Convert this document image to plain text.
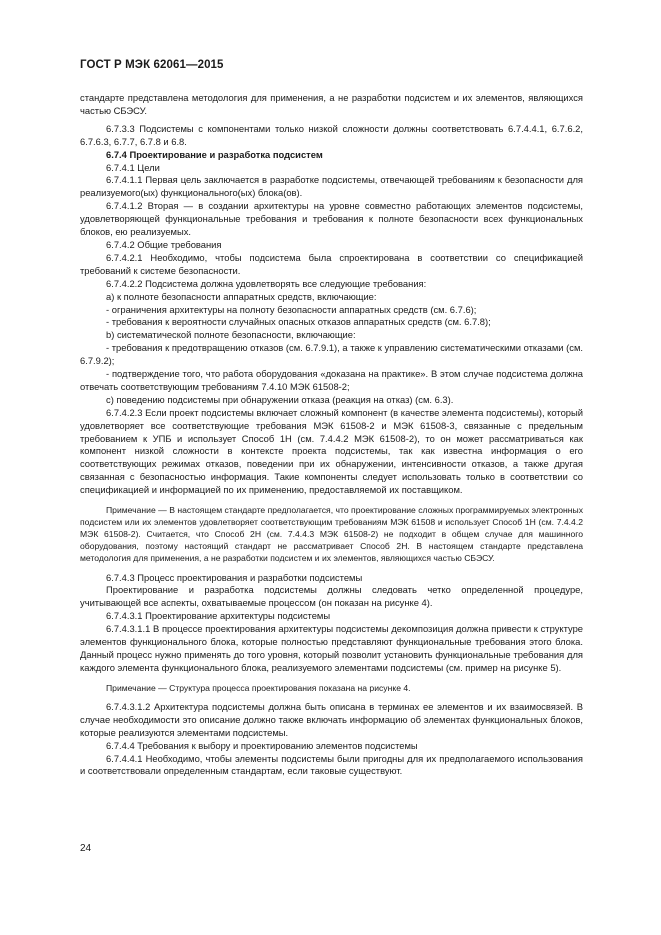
ГОСТ Р МЭК 62061—2015

стандарте представлена методология для применения, а не разработки подсистем и их элементов, являющихся частью СБЭСУ.

6.7.3.3 Подсистемы с компонентами только низкой сложности должны соответствовать 6.7.4.4.1, 6.7.6.2, 6.7.6.3, 6.7.7, 6.7.8 и 6.8.

6.7.4 Проектирование и разработка подсистем

6.7.4.1 Цели

6.7.4.1.1 Первая цель заключается в разработке подсистемы, отвечающей требованиям к безопасности для реализуемого(ых) функционального(ых) блока(ов).

6.7.4.1.2 Вторая — в создании архитектуры на уровне совместно работающих элементов подсистемы, удовлетворяющей функциональные требования и требования к полноте безопасности всех функциональных блоков, ею реализуемых.

6.7.4.2 Общие требования

6.7.4.2.1 Необходимо, чтобы подсистема была спроектирована в соответствии со спецификацией требований к системе безопасности.

6.7.4.2.2 Подсистема должна удовлетворять все следующие требования:

a) к полноте безопасности аппаратных средств, включающие:

- ограничения архитектуры на полноту безопасности аппаратных средств (см. 6.7.6);

- требования к вероятности случайных опасных отказов аппаратных средств (см. 6.7.8);

b) систематической полноте безопасности, включающие:

- требования к предотвращению отказов (см. 6.7.9.1), а также к управлению систематическими отказами (см. 6.7.9.2);

- подтверждение того, что работа оборудования «доказана на практике». В этом случае подсистема должна отвечать соответствующим требованиям 7.4.10 МЭК 61508-2;

c) поведению подсистемы при обнаружении отказа (реакция на отказ) (см. 6.3).

6.7.4.2.3 Если проект подсистемы включает сложный компонент (в качестве элемента подсистемы), который удовлетворяет все соответствующие требования МЭК 61508-2 и МЭК 61508-3, связанные с предельным требованием к УПБ и использует Способ 1H (см. 7.4.4.2 МЭК 61508-2), то он может рассматриваться как компонент низкой сложности в контексте проекта подсистемы, так как известна информация о его соответствующих режимах отказов, поведении при их обнаружении, интенсивности отказов, а также другая связанная с безопасностью информация. Такие компоненты следует использовать только в соответствии со спецификацией и информацией по их применению, предоставляемой их поставщиком.

Примечание — В настоящем стандарте предполагается, что проектирование сложных программируемых электронных подсистем или их элементов удовлетворяет соответствующим требованиям МЭК 61508 и использует Способ 1H (см. 7.4.4.2 МЭК 61508-2). Считается, что Способ 2H (см. 7.4.4.3 МЭК 61508-2) не подходит в общем случае для машинного оборудования, поэтому настоящий стандарт не рассматривает Способ 2H. В настоящем стандарте представлена методология для применения, а не разработки подсистем и их элементов, являющихся частью СБЭСУ.

6.7.4.3 Процесс проектирования и разработки подсистемы

Проектирование и разработка подсистемы должны следовать четко определенной процедуре, учитывающей все аспекты, охватываемые процессом (он показан на рисунке 4).

6.7.4.3.1 Проектирование архитектуры подсистемы

6.7.4.3.1.1 В процессе проектирования архитектуры подсистемы декомпозиция должна привести к структуре элементов функционального блока, которые полностью представляют функциональные требования этого блока. Данный процесс нужно применять до того уровня, который позволит установить функциональные требования для каждого элемента функционального блока, реализуемого элементами подсистемы (см. пример на рисунке 5).

Примечание — Структура процесса проектирования показана на рисунке 4.

6.7.4.3.1.2 Архитектура подсистемы должна быть описана в терминах ее элементов и их взаимосвязей. В случае необходимости это описание должно также включать информацию об элементах функциональных блоков, которые реализуются элементами подсистемы.

6.7.4.4 Требования к выбору и проектированию элементов подсистемы

6.7.4.4.1 Необходимо, чтобы элементы подсистемы были пригодны для их предполагаемого использования и соответствовали определенным стандартам, если таковые существуют.

24
